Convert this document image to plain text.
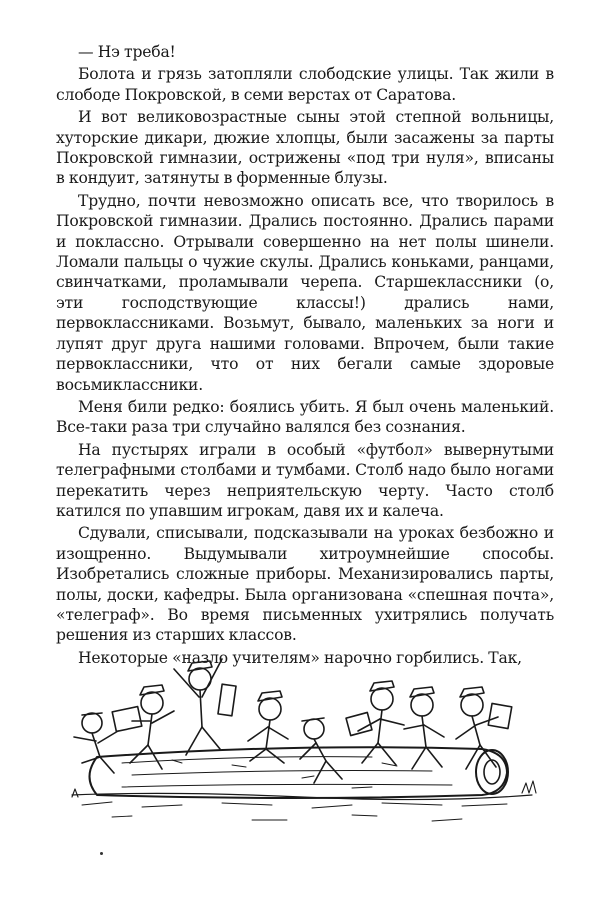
— Нэ треба!

Болота и грязь затопляли слободские улицы. Так жили в слободе Покровской, в семи верстах от Саратова.

И вот великовозрастные сыны этой степной вольницы, хуторские дикари, дюжие хлопцы, были засажены за парты Покровской гимназии, острижены «под три нуля», вписаны в кондуит, затянуты в форменные блузы.

Трудно, почти невозможно описать все, что творилось в Покровской гимназии. Дрались постоянно. Дрались парами и поклассно. Отрывали совершенно на нет полы шинели. Ломали пальцы о чужие скулы. Дрались коньками, ранцами, свинчатками, проламывали черепа. Старшеклассники (о, эти господствующие классы!) дрались нами, первоклассниками. Возьмут, бывало, маленьких за ноги и лупят друг друга нашими головами. Впрочем, были такие первоклассники, что от них бегали самые здоровые восьмиклассники.

Меня били редко: боялись убить. Я был очень маленький. Все-таки раза три случайно валялся без сознания.

На пустырях играли в особый «футбол» вывернутыми телеграфными столбами и тумбами. Столб надо было ногами перекатить через неприятельскую черту. Часто столб катился по упавшим игрокам, давя их и калеча.

Сдували, списывали, подсказывали на уроках безбожно и изощренно. Выдумывали хитроумнейшие способы. Изобретались сложные приборы. Механизировались парты, полы, доски, кафедры. Была организована «спешная почта», «телеграф». Во время письменных ухитрялись получать решения из старших классов.

Некоторые «назло учителям» нарочно горбились. Так,
